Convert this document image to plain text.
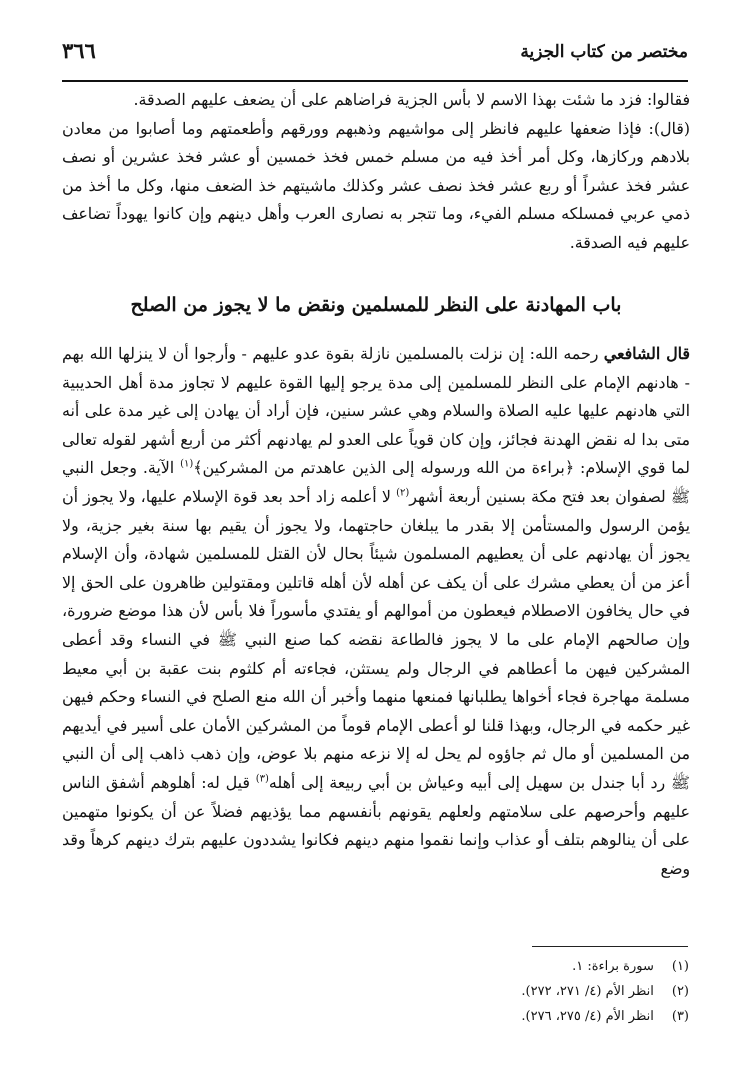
مختصر من كتاب الجزية
٣٦٦

فقالوا: فزد ما شئت بهذا الاسم لا بأس الجزية فراضاهم على أن يضعف عليهم الصدقة.

(قال): فإذا ضعفها عليهم فانظر إلى مواشيهم وذهبهم وورقهم وأطعمتهم وما أصابوا من معادن بلادهم وركازها، وكل أمر أخذ فيه من مسلم خمس فخذ خمسين أو عشر فخذ عشرين أو نصف عشر فخذ عشراً أو ربع عشر فخذ نصف عشر وكذلك ماشيتهم خذ الضعف منها، وكل ما أخذ من ذمي عربي فمسلكه مسلم الفيء، وما تتجر به نصارى العرب وأهل دينهم وإن كانوا يهوداً تضاعف عليهم فيه الصدقة.

باب المهادنة على النظر للمسلمين ونقض ما لا يجوز من الصلح

قال الشافعي رحمه الله: إن نزلت بالمسلمين نازلة بقوة عدو عليهم - وأرجوا أن لا ينزلها الله بهم - هادنهم الإمام على النظر للمسلمين إلى مدة يرجو إليها القوة عليهم لا تجاوز مدة أهل الحديبية التي هادنهم عليها عليه الصلاة والسلام وهي عشر سنين، فإن أراد أن يهادن إلى غير مدة على أنه متى بدا له نقض الهدنة فجائز، وإن كان قوياً على العدو لم يهادنهم أكثر من أربع أشهر لقوله تعالى لما قوي الإسلام: ﴿براءة من الله ورسوله إلى الذين عاهدتم من المشركين﴾$^{(١)}$ الآية. وجعل النبي ﷺ لصفوان بعد فتح مكة بسنين أربعة أشهر$^{(٢)}$ لا أعلمه زاد أحد بعد قوة الإسلام عليها، ولا يجوز أن يؤمن الرسول والمستأمن إلا بقدر ما يبلغان حاجتهما، ولا يجوز أن يقيم بها سنة بغير جزية، ولا يجوز أن يهادنهم على أن يعطيهم المسلمون شيئاً بحال لأن القتل للمسلمين شهادة، وأن الإسلام أعز من أن يعطي مشرك على أن يكف عن أهله لأن أهله قاتلين ومقتولين ظاهرون على الحق إلا في حال يخافون الاصطلام فيعطون من أموالهم أو يفتدي مأسوراً فلا بأس لأن هذا موضع ضرورة، وإن صالحهم الإمام على ما لا يجوز فالطاعة نقضه كما صنع النبي ﷺ في النساء وقد أعطى المشركين فيهن ما أعطاهم في الرجال ولم يستثن، فجاءته أم كلثوم بنت عقبة بن أبي معيط مسلمة مهاجرة فجاء أخواها يطلبانها فمنعها منهما وأخبر أن الله منع الصلح في النساء وحكم فيهن غير حكمه في الرجال، وبهذا قلنا لو أعطى الإمام قوماً من المشركين الأمان على أسير في أيديهم من المسلمين أو مال ثم جاؤوه لم يحل له إلا نزعه منهم بلا عوض، وإن ذهب ذاهب إلى أن النبي ﷺ رد أبا جندل بن سهيل إلى أبيه وعياش بن أبي ربيعة إلى أهله$^{(٣)}$ قيل له: أهلوهم أشفق الناس عليهم وأحرصهم على سلامتهم ولعلهم يقونهم بأنفسهم مما يؤذيهم فضلاً عن أن يكونوا متهمين على أن ينالوهم بتلف أو عذاب وإنما نقموا منهم دينهم فكانوا يشددون عليهم بترك دينهم كرهاً وقد وضع

(١)
سورة براءة: ١.
(٢)
انظر الأم (٤/ ٢٧١، ٢٧٢).
(٣)
انظر الأم (٤/ ٢٧٥، ٢٧٦).
